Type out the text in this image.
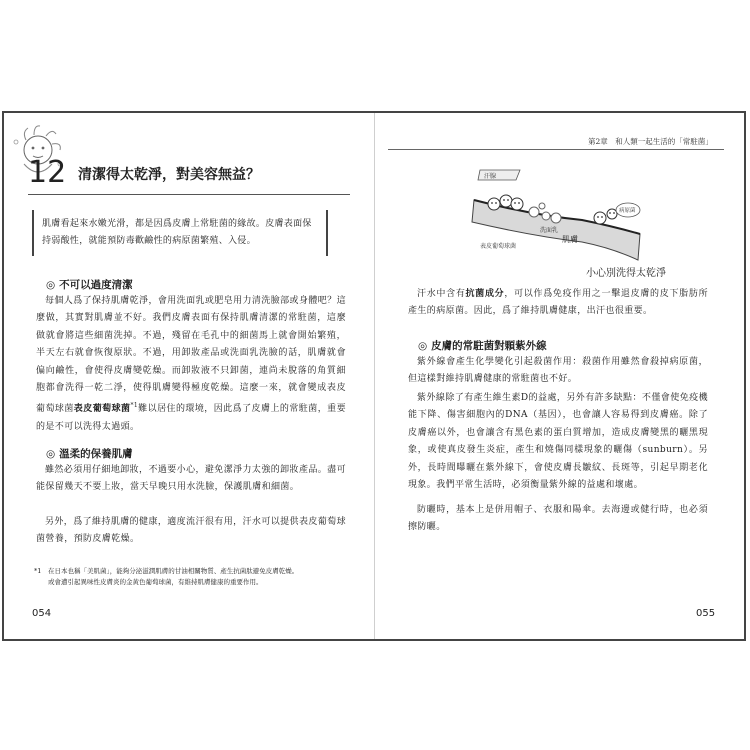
12 清潔得太乾淨，對美容無益？
肌膚看起來水嫩光滑，都是因爲皮膚上常駐菌的緣故。皮膚表面保持弱酸性，就能預防毒歡鹼性的病原菌繁殖、入侵。
◎ 不可以過度清潔
每個人爲了保持肌膚乾淨，會用洗面乳或肥皂用力清洗臉部或身體吧？這麼做，其實對肌膚並不好。我們皮膚表面有保持肌膚清潔的常駐菌，這麼做就會將這些細菌洗掉。不過，殘留在毛孔中的細菌馬上就會開始繁殖，半天左右就會恢復原狀。不過，用卸妝產品或洗面乳洗臉的話，肌膚就會偏向鹼性，會使得皮膚變乾燥。而卸妝液不只卸菌，連尚未脫落的角質細胞都會洗得一乾二淨，使得肌膚變得極度乾燥。這麼一來，就會變成表皮葡萄球菌表皮葡萄球菌$^{*1}$難以居住的環境，因此爲了皮膚上的常駐菌，重要的是不可以洗得太過頭。
◎ 溫柔的保養肌膚
雖然必須用仔細地卸妝，不過要小心，避免潔淨力太強的卸妝產品。盡可能保留幾天不要上妝，當天早晚只用水洗臉，保護肌膚和細菌。
另外，爲了維持肌膚的健康，適度流汗很有用，汗水可以提供表皮葡萄球菌營養，預防皮膚乾燥。
*1	在日本也稱「美肌菌」，能夠分泌滋潤肌膚的甘油相關物質、產生抗菌肽避免皮膚乾燥。
或會遭引起異味性皮膚炎的金黃色葡萄球菌，有維持肌膚健康的重要作用。
054
第2章　和人類一起生活的「常駐菌」
汗腺
洗面乳
肌膚
表皮葡萄球菌
病原菌
小心別洗得太乾淨
汗水中含有抗菌成分，可以作爲免疫作用之一擊退皮膚的皮下脂肪所產生的病原菌。因此，爲了維持肌膚健康，出汗也很重要。
◎ 皮膚的常駐菌對顆紫外線
紫外線會產生化學變化引起殺菌作用：殺菌作用雖然會殺掉病原菌，但這樣對維持肌膚健康的常駐菌也不好。
紫外線除了有產生維生素D的益處，另外有許多缺點：不僅會使免疫機能下降、傷害細胞內的DNA（基因），也會讓人容易得到皮膚癌。除了皮膚癌以外，也會讓含有黑色素的蛋白質增加，造成皮膚變黑的曬黑現象，或使真皮發生炎症，產生和燒傷同樣現象的曬傷（sunburn）。另外，長時間曝曬在紫外線下，會使皮膚長皺紋、長斑等，引起早期老化現象。我們平常生活時，必須衡量紫外線的益處和壞處。
防曬時，基本上是併用帽子、衣服和陽傘。去海邊或健行時，也必須擦防曬。
055
